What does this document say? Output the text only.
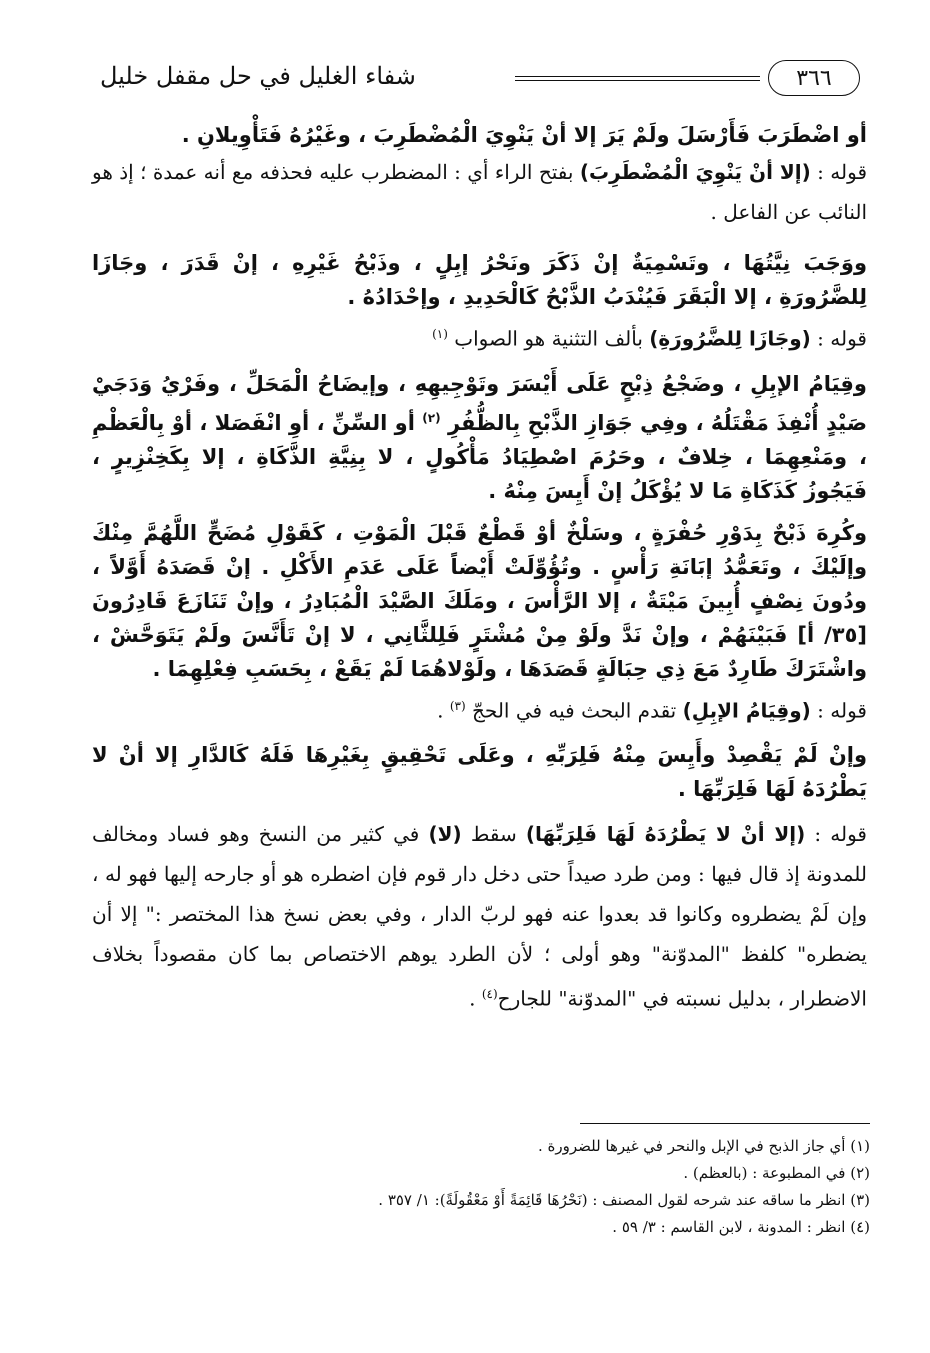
٣٦٦
شفاء الغليل في حل مقفل خليل

أو اضْطَرَبَ فَأَرْسَلَ ولَمْ يَرَ إلا أنْ يَنْوِيَ الْمُضْطَرِبَ ، وغَيْرُهُ فَتَأْوِيلانِ .

قوله : (إلا أنْ يَنْوِيَ الْمُضْطَرِبَ) بفتح الراء أي : المضطرب عليه فحذفه مع أنه عمدة ؛ إذ هو النائب عن الفاعل .

ووَجَبَ نِيَّتُهَا ، وتَسْمِيَةٌ إنْ ذَكَرَ ونَحْرُ إبِلٍ ، وذَبْحُ غَيْرِهِ ، إنْ قَدَرَ ، وجَازَا لِلضَّرُورَةِ ، إلا الْبَقَرَ فَيُنْدَبُ الذَّبْحُ كَالْحَدِيدِ ، وإحْدَادُهُ .

قوله : (وجَازَا لِلضَّرُورَةِ) بألف التثنية هو الصواب $^{(١)}$

وقِيَامُ الإبِلِ ، وضَجْعُ ذِبْحٍ عَلَى أَيْسَرَ وتَوْجِيهِهِ ، وإيضَاحُ الْمَحَلِّ ، وفَرْيُ وَدَجَيْ صَيْدٍ أُنْفِذَ مَقْتَلُهُ ، وفِي جَوَازِ الذَّبْحِ بِالظُّفُرِ $^{(٢)}$ أو السِّنِّ ، أوِ انْفَصَلا ، أوْ بِالْعَظْمِ ، ومَنْعِهِمَا ، خِلافٌ ، وحَرُمَ اصْطِيَادُ مَأْكُولٍ ، لا بِنِيَّةِ الذَّكَاةِ ، إلا بِكَخِنْزِيرٍ ، فَيَجُوزُ كَذَكَاةِ مَا لا يُؤْكَلُ إنْ أَيِسَ مِنْهُ .

وكُرِهَ ذَبْحٌ بِدَوْرِ حُفْرَةٍ ، وسَلْخٌ أوْ قَطْعٌ قَبْلَ الْمَوْتِ ، كَقَوْلِ مُضَحٍّ اللَّهُمَّ مِنْكَ وإلَيْكَ ، وتَعَمُّدُ إبَانَةِ رَأْسٍ . وتُؤُوِّلَتْ أَيْضاً عَلَى عَدَمِ الأَكْلِ . إنْ قَصَدَهُ أَوَّلاً ، ودُونَ نِصْفٍ أُبِينَ مَيْتَةٌ ، إلا الرَّأْسَ ، ومَلَكَ الصَّيْدَ الْمُبَادِرُ ، وإنْ تَنَازَعَ قَادِرُونَ [٣٥/ أ] فَبَيْنَهُمْ ، وإنْ نَدَّ ولَوْ مِنْ مُشْتَرٍ فَلِلثَّانِي ، لا إنْ تَأَنَّسَ ولَمْ يَتَوَحَّشْ ، واشْتَرَكَ طَارِدٌ مَعَ ذِي حِبَالَةٍ قَصَدَهَا ، ولَوْلاهُمَا لَمْ يَقَعْ ، بِحَسَبِ فِعْلِهِمَا .

قوله : (وقِيَامُ الإبِلِ) تقدم البحث فيه في الحجّ $^{(٣)}$ .

وإنْ لَمْ يَقْصِدْ وأَيِسَ مِنْهُ فَلِرَبِّهِ ، وعَلَى تَحْقِيقٍ بِغَيْرِهَا فَلَهُ كَالدَّارِ إلا أنْ لا يَطْرُدَهُ لَهَا فَلِرَبِّهَا .

قوله : (إلا أنْ لا يَطْرُدَهُ لَهَا فَلِرَبِّهَا) سقط (لا) في كثير من النسخ وهو فساد ومخالف للمدونة إذ قال فيها : ومن طرد صيداً حتى دخل دار قوم فإن اضطره هو أو جارحه إليها فهو له ، وإن لَمْ يضطروه وكانوا قد بعدوا عنه فهو لربّ الدار ، وفي بعض نسخ هذا المختصر :" إلا أن يضطره" كلفظ "المدوّنة" وهو أولى ؛ لأن الطرد يوهم الاختصاص بما كان مقصوداً بخلاف الاضطرار ، بدليل نسبته في "المدوّنة" للجارح$^{(٤)}$ .

(١) أي جاز الذبح في الإبل والنحر في غيرها للضرورة .

(٢) في المطبوعة : (بالعظم) .

(٣) انظر ما ساقه عند شرحه لقول المصنف : (نَحْرُهَا قَائِمَةً أَوْ مَعْقُولَةً): ١/ ٣٥٧ .

(٤) انظر : المدونة ، لابن القاسم : ٣/ ٥٩ .
